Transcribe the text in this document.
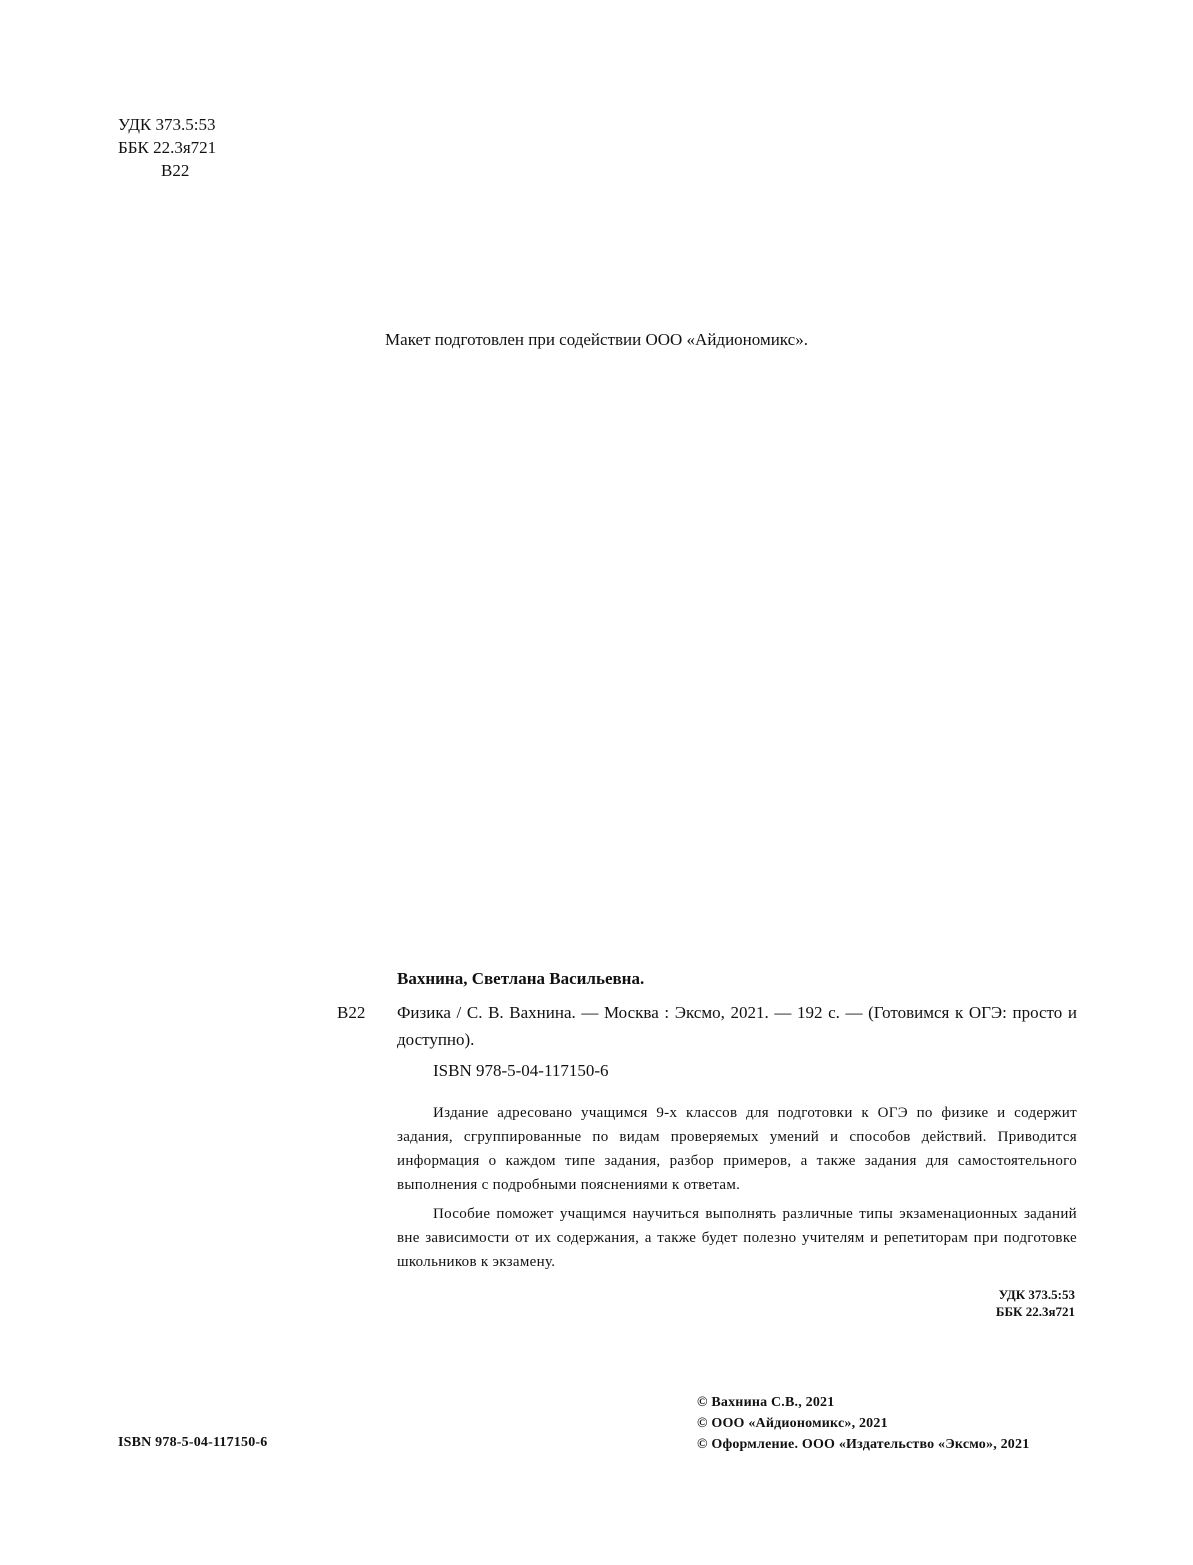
УДК 373.5:53
ББК 22.3я721
В22
Макет подготовлен при содействии ООО «Айдиономикс».
Вахнина, Светлана Васильевна.
В22 Физика / С. В. Вахнина. — Москва : Эксмо, 2021. — 192 с. — (Готовимся к ОГЭ: просто и доступно).
ISBN 978-5-04-117150-6

Издание адресовано учащимся 9-х классов для подготовки к ОГЭ по физике и содержит задания, сгруппированные по видам проверяемых умений и способов действий. Приводится информация о каждом типе задания, разбор примеров, а также задания для самостоятельного выполнения с подробными пояснениями к ответам.

Пособие поможет учащимся научиться выполнять различные типы экзаменационных заданий вне зависимости от их содержания, а также будет полезно учителям и репетиторам при подготовке школьников к экзамену.

УДК 373.5:53
ББК 22.3я721
ISBN 978-5-04-117150-6
© Вахнина С.В., 2021
© ООО «Айдиономикс», 2021
© Оформление. ООО «Издательство «Эксмо», 2021
